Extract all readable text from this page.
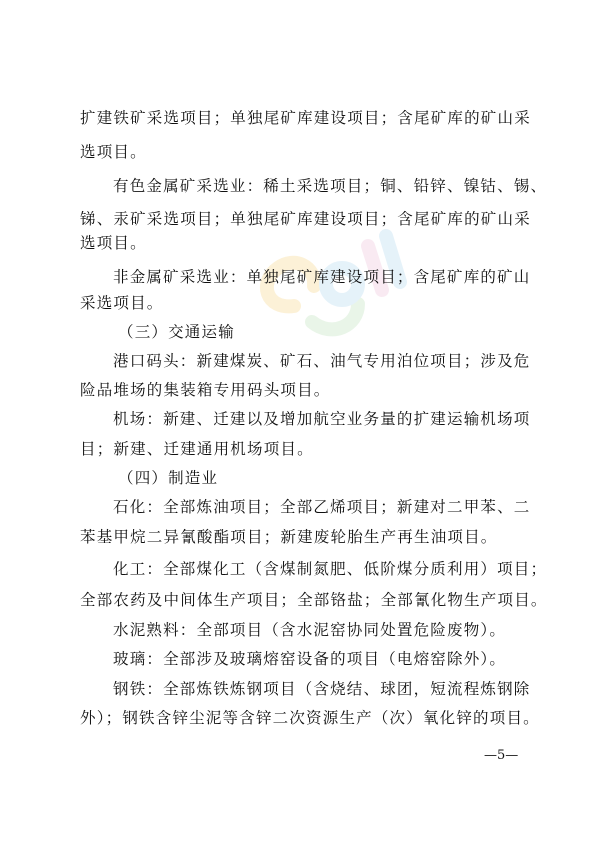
扩建铁矿采选项目；单独尾矿库建设项目；含尾矿库的矿山采
选项目。
有色金属矿采选业：稀土采选项目；铜、铅锌、镍钴、锡、
锑、汞矿采选项目；单独尾矿库建设项目；含尾矿库的矿山采
选项目。
非金属矿采选业：单独尾矿库建设项目；含尾矿库的矿山
采选项目。
（三）交通运输
港口码头：新建煤炭、矿石、油气专用泊位项目；涉及危
险品堆场的集装箱专用码头项目。
机场：新建、迁建以及增加航空业务量的扩建运输机场项
目；新建、迁建通用机场项目。
（四）制造业
石化：全部炼油项目；全部乙烯项目；新建对二甲苯、二
苯基甲烷二异氰酸酯项目；新建废轮胎生产再生油项目。
化工：全部煤化工（含煤制氮肥、低阶煤分质利用）项目；
全部农药及中间体生产项目；全部铬盐；全部氰化物生产项目。
水泥熟料：全部项目（含水泥窑协同处置危险废物）。
玻璃：全部涉及玻璃熔窑设备的项目（电熔窑除外）。
钢铁：全部炼铁炼钢项目（含烧结、球团，短流程炼钢除
外）；钢铁含锌尘泥等含锌二次资源生产（次）氧化锌的项目。
—5—
